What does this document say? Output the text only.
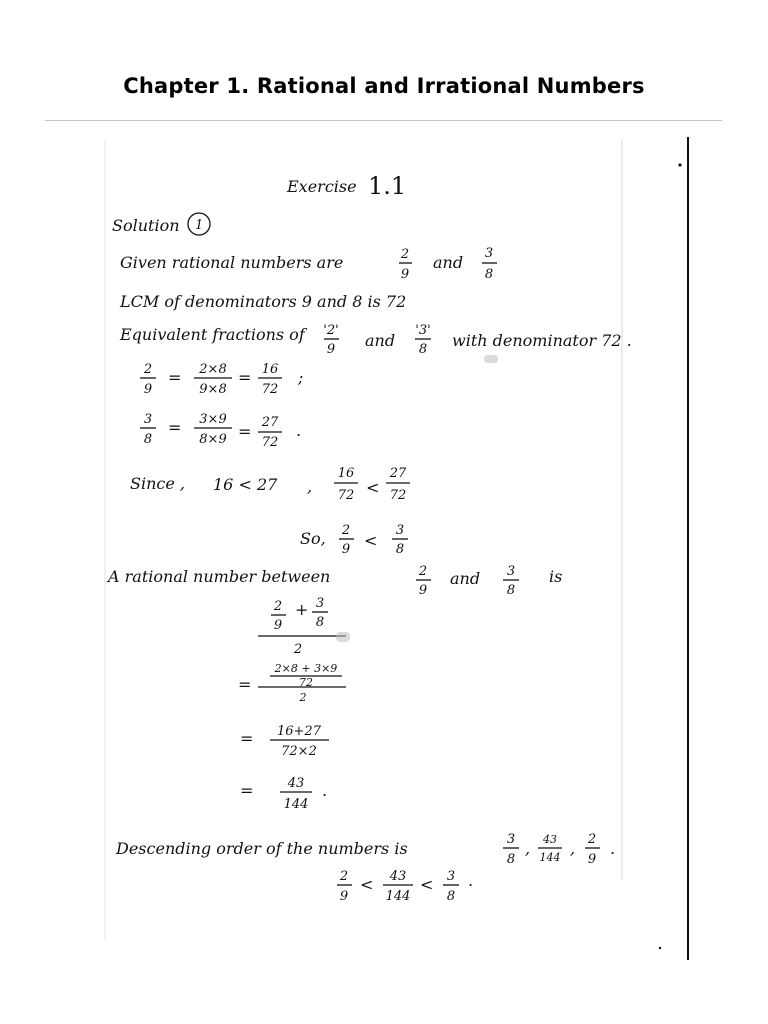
Chapter 1. Rational and Irrational Numbers
Exercise 1.1
Solution 1
Given rational numbers are	2
9
and 3
8
LCM of denominators 9 and 8 is 72
Equivalent fractions of '2'
9 and
'3'
8 with denominator 72 .
2
9
= 2×8
9×8
= 16
72
;
3
8
= 3×9
8×9 = 27
72
.
Since , 16 < 27 ,
16
72 <
27
72
So, 2
9 <
3
8
A rational number between	2
9
and 3
8
is
2
9
+ 3
8
2
=
2×8 + 3×9
72
2
= 16+27
72×2
=	43
144
.
Descending order of the numbers is	3
8
, 43
144 , 2
9
.
2
9
< 43
144
< 3
8
.
